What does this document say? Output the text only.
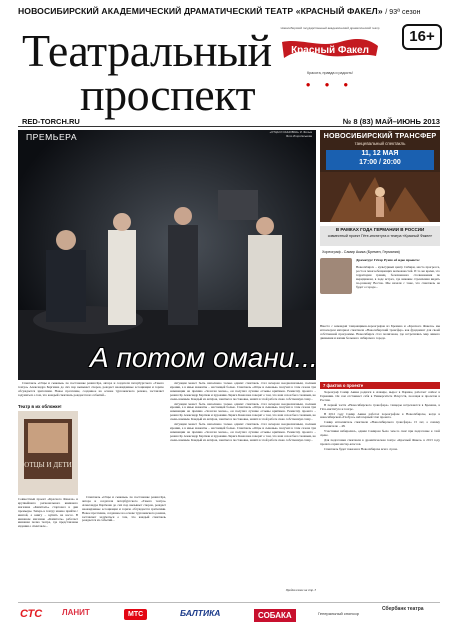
НОВОСИБИРСКИЙ АКАДЕМИЧЕСКИЙ ДРАМАТИЧЕСКИЙ ТЕАТР «КРАСНЫЙ ФАКЕЛ» / 93ª сезон
16+
Новосибирский государственный академический драматический театр
Красный Факел
Красота, правда и радость!
● ● ●
Театральный
проспект
RED-TORCH.RU	№ 8 (83) МАЙ–ИЮНЬ 2013
ПРЕМЬЕРА	«ОТЦЫ И СЫНОВЬЯ» И. Фильм
Фото Игоря Еськова
А потом омани...
НОВОСИБИРСКИЙ ТРАНСФЕР
танцевальный спектакль
11, 12 МАЯ
17:00 / 20:00
В РАМКАХ ГОДА ГЕРМАНИИ В РОССИИ
совместный проект Гёте-института и театра «Красный Факел»
Хореограф - Самир Акика (Бремен, Германия)
Драматург Гётер Рунге об идее проекта:
Новосибирск – культурный центр Сибири, место прогресса, роста и многообещающих возможностей. И то же время, это территория границ, болезненного столкновения по меридианам, в ходе встреч, где никакие стремления видеть по-разному Восток. Мы начали с тоже, что спектакль не будет о городе...
Вместе с командой танцовщиков-хореографов из Бремена и «Красного Факела» мы используем материал спектакля «Новосибирский трансфер» как фундамент для своей собственной программы. Новосибирск стал полигоном, где встретились мир живого движения и жизни большого сибирского города.
7 фактов о проекте

Хореограф Самир Акика родился в Алжире, вырос в Париже, работает сейчас в Германии. Он сам отстаивает себя в Университете Искусств, посещая и пролетая в России.

В первой части «Новосибирского трансфера» танцоры встречаются в Бремене, в Гёте-институте и театре.

В 2012 году Самир Акика работал хореографом в Новосибирске, когда в новосибирской «Глобусе» шёл первый этап проекта.

Самир исполнитель спектакля «Новосибирского трансфера» 15 лет, а самому исполнителю – 48.

Участники набирались, одним Самиром было чем-то своё при подготовке к этой сцене.

Для подготовки спектакля в драматическом театре «Красный Факел» в 2013 году прошла серия мастер-классов.

Спектакль будет показан в Новосибирске всего 4 раза.

Спектакль «Отцы и сыновья» по постановке режиссёра, автора и создателя петербургского «Такого театра» Александра Баргмана до сих пор вызывает споров, рождает неожиданные ассоциации и горячо обсуждается зрителями. Новое прочтение, созданное на основе тургеневского романа, заставляет задуматься о том, что каждый спектакль рождается из событий...

Театр в их обложке!
ОТЦЫ И ДЕТИ
Совместный проект «Красного Факела» и крупнейшего регионального книжного магазина «Капиталъ» стартовал в дни премьеры. Теперь к театру можно прийти с книгой, а книгу – купить на кассе. В книжном магазине «Капиталъ» работает книжная полка театра, где представлены издания о спектакле...

Спектакль «Отцы и сыновья» по постановке режиссёра, автора и создателя петербургского «Такого театра» Александра Баргмана до сих пор вызывает споров, рождает неожиданные ассоциации и горячо обсуждается зрителями. Новое прочтение, созданное на основе тургеневского романа, заставляет задуматься о том, что каждый спектакль рождается из событий...

ситуации может быть наполнено только одним: спектакль стал вечером неоднозначным, полным иронии, а в иные моменты – настоящей болью. Спектакль «Отцы и сыновья» получил в этом сезоне три номинации на премию «Золотая маска», он получил лучшие отзывы критиков. Режиссёр проекта – режиссёр Александр Баргман и художник Лариса Комолова говорят о том, что наш сезон был сложным, но очень важным. Каждый из актёров, занятых в постановке, нашёл в этой работе свою собственную тему...

ситуации может быть наполнено только одним: спектакль стал вечером неоднозначным, полным иронии, а в иные моменты – настоящей болью. Спектакль «Отцы и сыновья» получил в этом сезоне три номинации на премию «Золотая маска», он получил лучшие отзывы критиков. Режиссёр проекта – режиссёр Александр Баргман и художник Лариса Комолова говорят о том, что наш сезон был сложным, но очень важным. Каждый из актёров, занятых в постановке, нашёл в этой работе свою собственную тему...

ситуации может быть наполнено только одним: спектакль стал вечером неоднозначным, полным иронии, а в иные моменты – настоящей болью. Спектакль «Отцы и сыновья» получил в этом сезоне три номинации на премию «Золотая маска», он получил лучшие отзывы критиков. Режиссёр проекта – режиссёр Александр Баргман и художник Лариса Комолова говорят о том, что наш сезон был сложным, но очень важным. Каждый из актёров, занятых в постановке, нашёл в этой работе свою собственную тему...

Продолжение на стр. 3
СТС ЛАНИТ	МТС	БАЛТИКА	СОБАКА	Генеральный спонсор
Сбербанк театра
